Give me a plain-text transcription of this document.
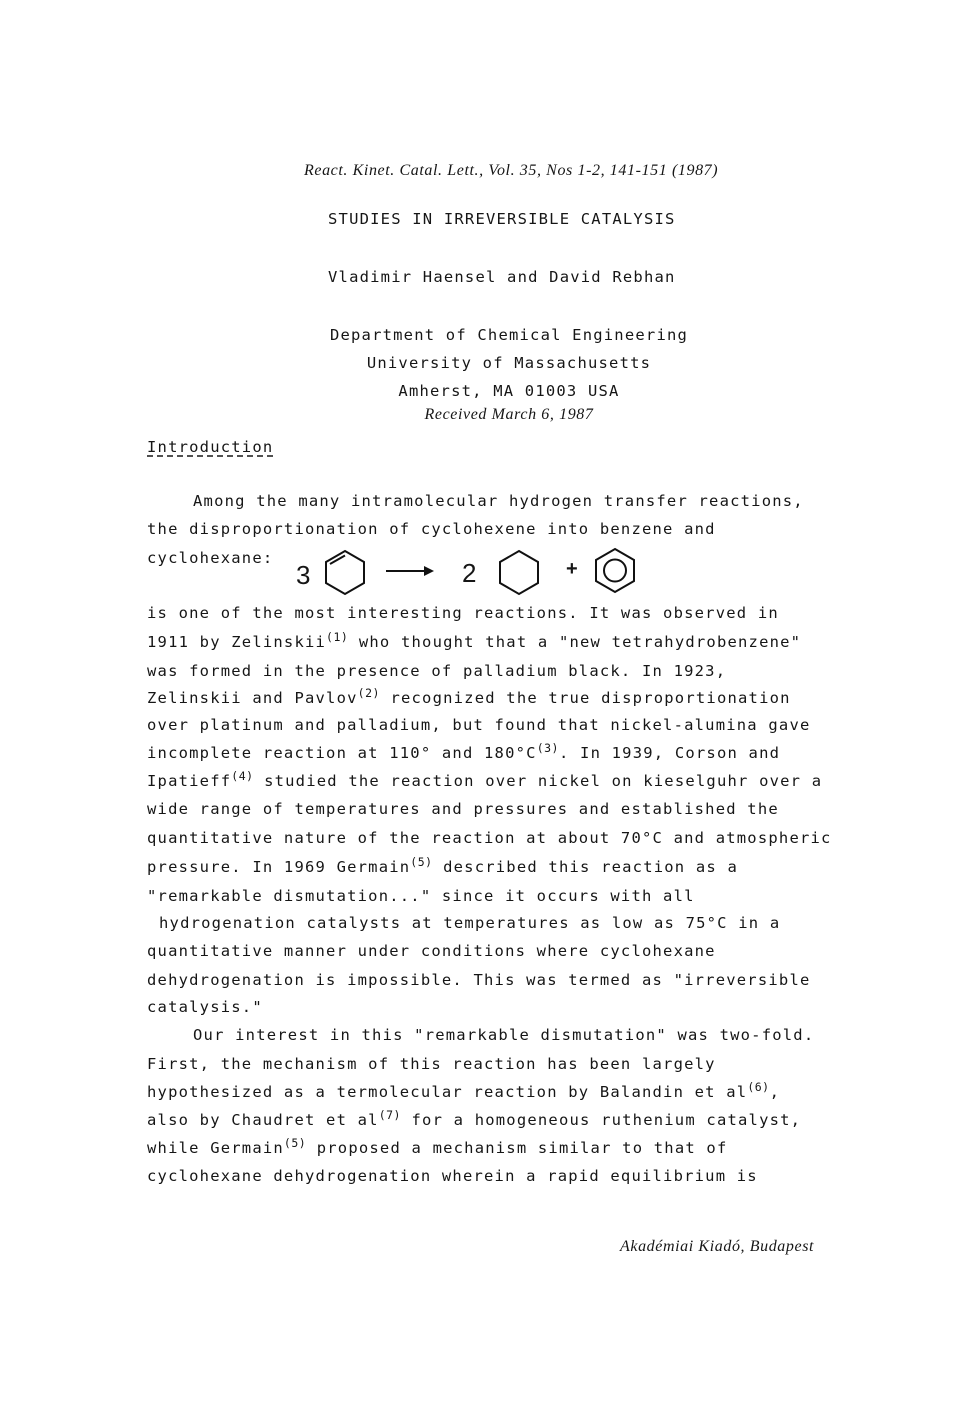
React. Kinet. Catal. Lett., Vol. 35, Nos 1-2, 141-151 (1987)
STUDIES IN IRREVERSIBLE CATALYSIS
Vladimir Haensel and David Rebhan
Department of Chemical Engineering
University of Massachusetts
Amherst, MA 01003 USA
Received March 6, 1987
Introduction
Among the many intramolecular hydrogen transfer reactions,
the disproportionation of cyclohexene into benzene and
cyclohexane:
3	2	+
is one of the most interesting reactions. It was observed in
1911 by Zelinskii$^{(1)}$ who thought that a "new tetrahydrobenzene"
was formed in the presence of palladium black. In 1923,
Zelinskii and Pavlov$^{(2)}$ recognized the true disproportionation
over platinum and palladium, but found that nickel-alumina gave
incomplete reaction at 110° and $180^\circ C^{(3)}$. In 1939, Corson and
Ipatieff$^{(4)}$ studied the reaction over nickel on kieselguhr over a
wide range of temperatures and pressures and established the
quantitative nature of the reaction at about 70°C and atmospheric
pressure. In 1969 Germain$^{(5)}$ described this reaction as a
"remarkable dismutation..." since it occurs with all
hydrogenation catalysts at temperatures as low as 75°C in a
quantitative manner under conditions where cyclohexane
dehydrogenation is impossible. This was termed as "irreversible
catalysis."
Our interest in this "remarkable dismutation" was two-fold.
First, the mechanism of this reaction has been largely
hypothesized as a termolecular reaction by Balandin et $al^{(6)}$,
also by Chaudret et $al^{(7)}$ for a homogeneous ruthenium catalyst,
while Germain$^{(5)}$ proposed a mechanism similar to that of
cyclohexane dehydrogenation wherein a rapid equilibrium is
Akadémiai Kiadó, Budapest
